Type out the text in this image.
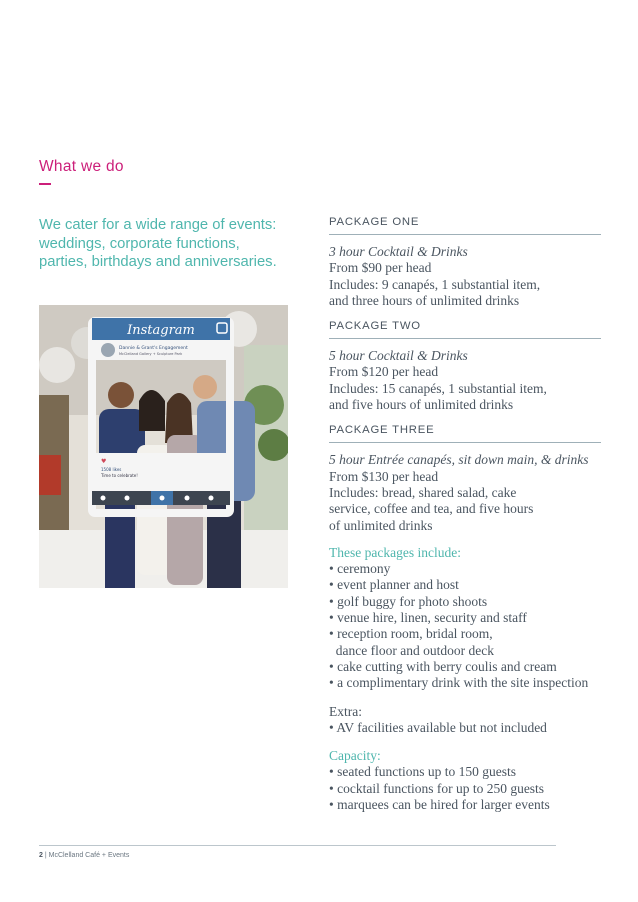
What we do
We cater for a wide range of events: weddings, corporate functions, parties, birthdays and anniversaries.
Instagram
Dannie & Grant's Engagement
McClelland Gallery + Sculpture Park
♥
1508 likes
Time to celebrate!
PACKAGE ONE
3 hour Cocktail & Drinks
From $90 per head
Includes: 9 canapés, 1 substantial item,
and three hours of unlimited drinks
PACKAGE TWO
5 hour Cocktail & Drinks
From $120 per head
Includes: 15 canapés, 1 substantial item,
and five hours of unlimited drinks
PACKAGE THREE
5 hour Entrée canapés, sit down main, & drinks
From $130 per head
Includes: bread, shared salad, cake
service, coffee and tea, and five hours
of unlimited drinks
These packages include:
• ceremony
• event planner and host
• golf buggy for photo shoots
• venue hire, linen, security and staff
• reception room, bridal room,
dance floor and outdoor deck
• cake cutting with berry coulis and cream
• a complimentary drink with the site inspection
Extra:
• AV facilities available but not included
Capacity:
• seated functions up to 150 guests
• cocktail functions for up to 250 guests
• marquees can be hired for larger events
2 | McClelland Café + Events
